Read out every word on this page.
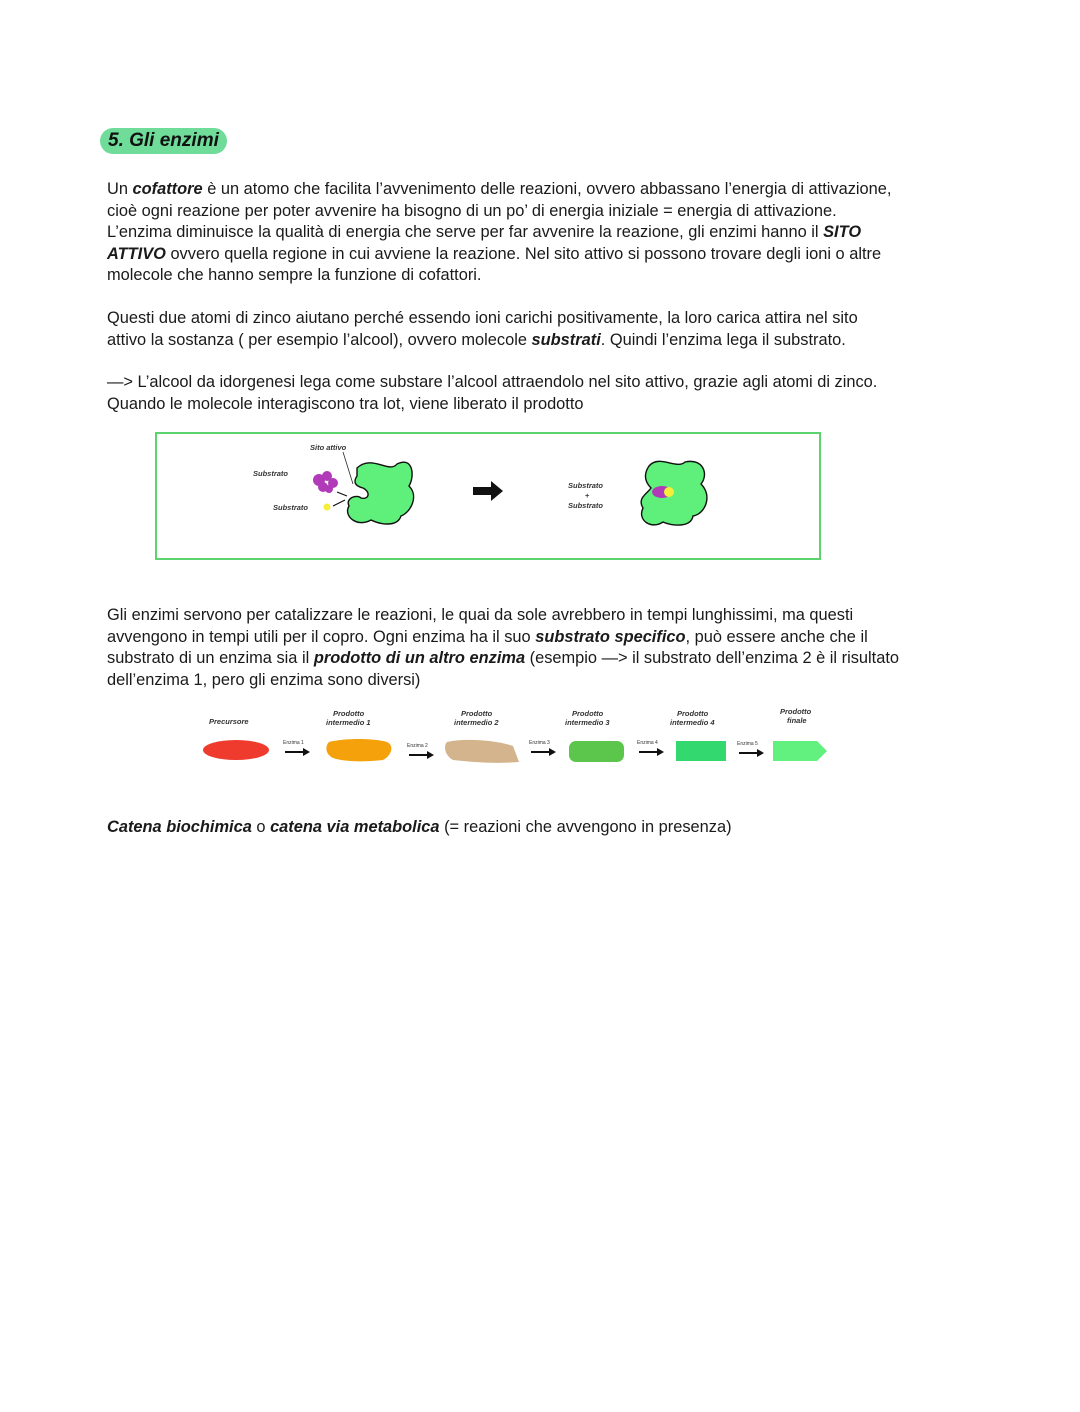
5. Gli enzimi

Un cofattore è un atomo che facilita l’avvenimento delle reazioni, ovvero abbassano l’energia di attivazione,
cioè ogni reazione per poter avvenire ha bisogno di un po’ di energia iniziale = energia di attivazione.
L’enzima diminuisce la qualità di energia che serve per far avvenire la reazione, gli enzimi hanno il SITO
ATTIVO ovvero quella regione in cui avviene la reazione. Nel sito attivo si possono trovare degli ioni o altre
molecole che hanno sempre la funzione di cofattori.

Questi due atomi di zinco aiutano perché essendo ioni carichi positivamente, la loro carica attira nel sito
attivo la sostanza ( per esempio l’alcool), ovvero molecole substrati. Quindi l’enzima lega il substrato.

—> L’alcool da idorgenesi lega come substare l’alcool attraendolo nel sito attivo, grazie agli atomi di zinco.
Quando le molecole interagiscono tra lot, viene liberato il prodotto

Sito attivo
Substrato
Substrato
Substrato
+
Substrato

Gli enzimi servono per catalizzare le reazioni, le quai da sole avrebbero in tempi lunghissimi, ma questi
avvengono in tempi utili per il copro. Ogni enzima ha il suo substrato specifico, può essere anche che il
substrato di un enzima sia il prodotto di un altro enzima (esempio —> il substrato dell’enzima 2 è il risultato
dell’enzima 1, pero gli enzima sono diversi)

Precursore
Prodotto
intermedio 1
Prodotto
intermedio 2
Prodotto
intermedio 3
Prodotto
intermedio 4
Prodotto
finale
Enzima 1	Enzima 2	Enzima 3	Enzima 4	Enzima 5

Catena biochimica o catena via metabolica (= reazioni che avvengono in presenza)
